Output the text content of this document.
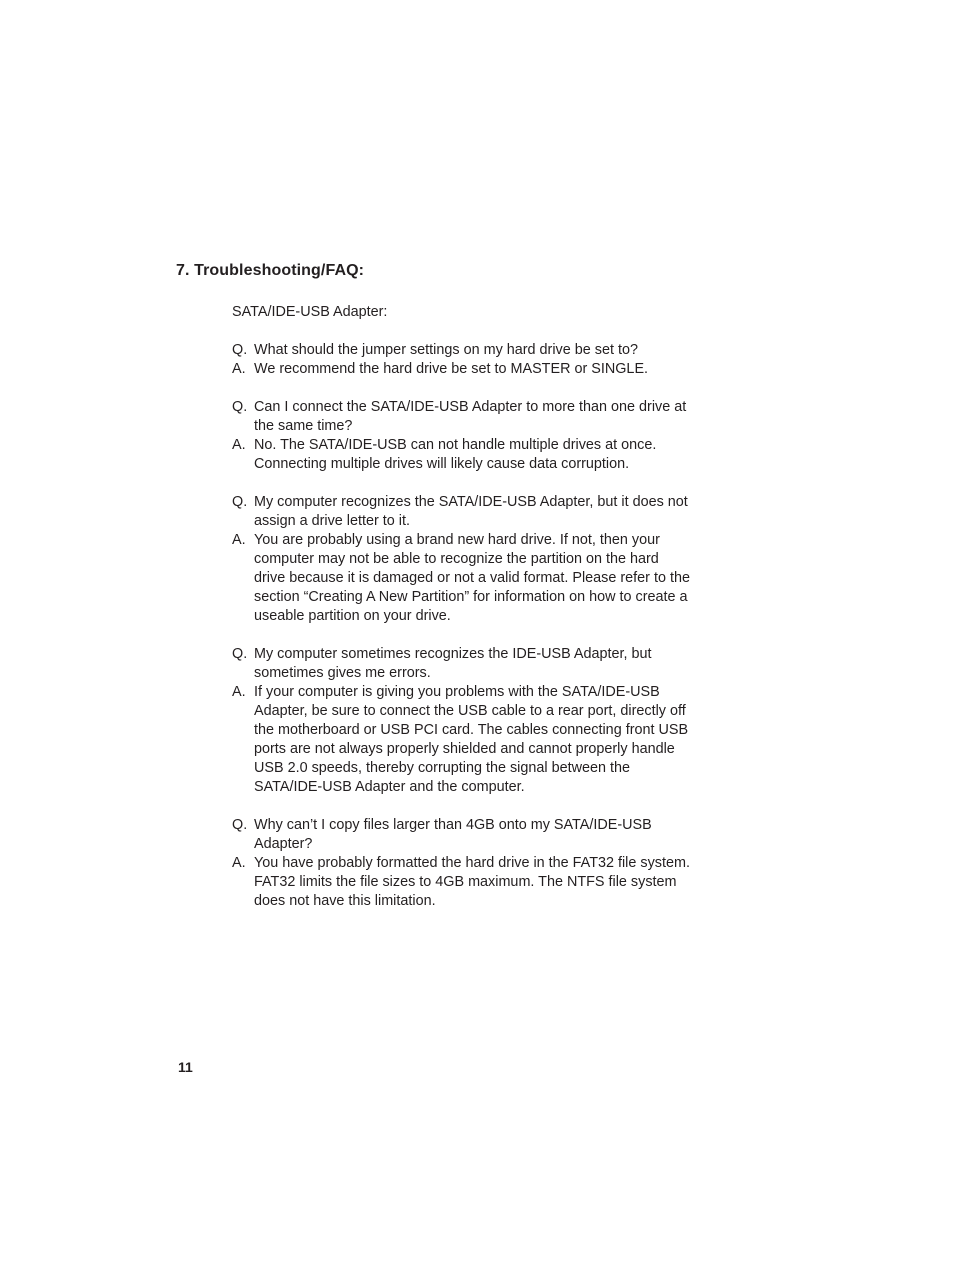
7. Troubleshooting/FAQ:

SATA/IDE-USB Adapter:

Q. What should the jumper settings on my hard drive be set to?

A. We recommend the hard drive be set to MASTER or SINGLE.

Q. Can I connect the SATA/IDE-USB Adapter to more than one drive at the same time?

A. No. The SATA/IDE-USB can not handle multiple drives at once. Connecting multiple drives will likely cause data corruption.

Q. My computer recognizes the SATA/IDE-USB Adapter, but it does not assign a drive letter to it.

A. You are probably using a brand new hard drive. If not, then your computer may not be able to recognize the partition on the hard drive because it is damaged or not a valid format. Please refer to the section “Creating A New Partition” for information on how to create a useable partition on your drive.

Q. My computer sometimes recognizes the IDE-USB Adapter, but sometimes gives me errors.

A. If your computer is giving you problems with the SATA/IDE-USB Adapter, be sure to connect the USB cable to a rear port, directly off the motherboard or USB PCI card. The cables connecting front USB ports are not always properly shielded and cannot properly handle USB 2.0 speeds, thereby corrupting the signal between the SATA/IDE-USB Adapter and the computer.

Q. Why can’t I copy files larger than 4GB onto my SATA/IDE-USB Adapter?

A. You have probably formatted the hard drive in the FAT32 file system. FAT32 limits the file sizes to 4GB maximum. The NTFS file system does not have this limitation.

11
